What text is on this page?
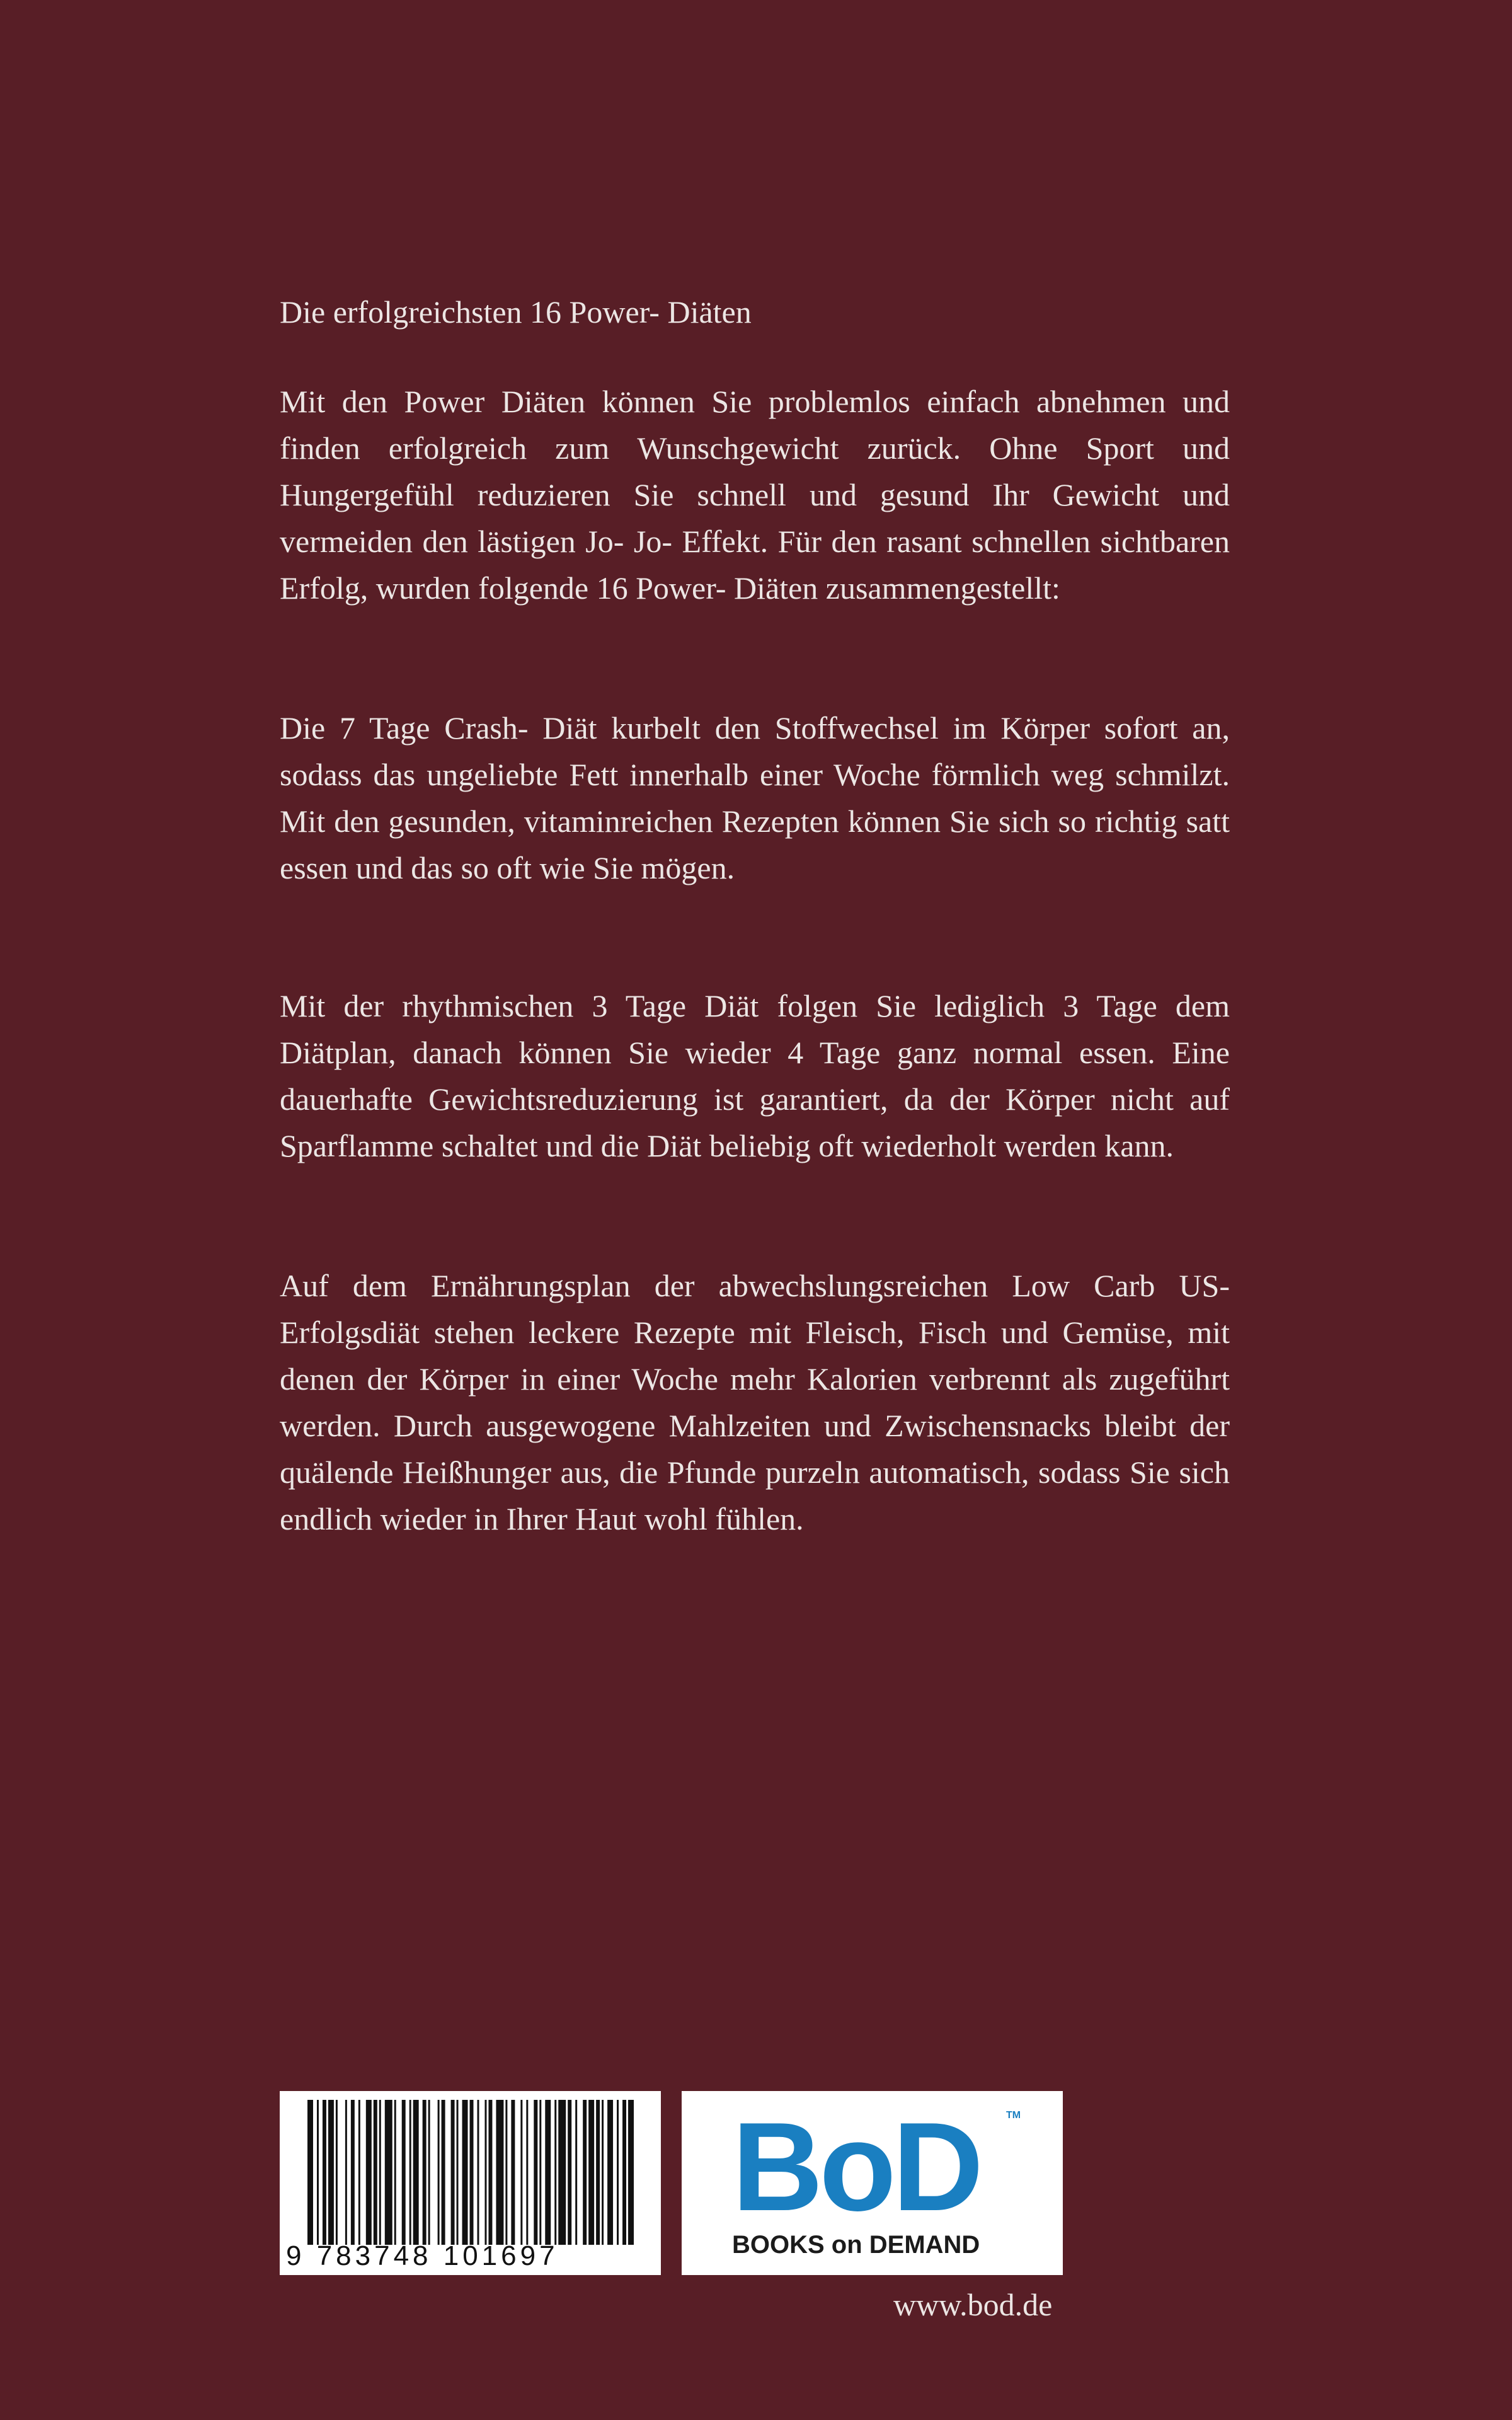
Die erfolgreichsten 16 Power- Diäten

Mit den Power Diäten können Sie problemlos einfach abnehmen und finden erfolgreich zum Wunschgewicht zurück. Ohne Sport und Hungergefühl reduzieren Sie schnell und gesund Ihr Gewicht und vermeiden den lästigen Jo- Jo- Effekt. Für den rasant schnellen sichtbaren Erfolg, wurden folgende 16 Power- Diäten zusammengestellt:

Die 7 Tage Crash- Diät kurbelt den Stoffwechsel im Körper sofort an, sodass das ungeliebte Fett innerhalb einer Woche förmlich weg schmilzt. Mit den gesunden, vitaminreichen Rezepten können Sie sich so richtig satt essen und das so oft wie Sie mögen.

Mit der rhythmischen 3 Tage Diät folgen Sie lediglich 3 Tage dem Diätplan, danach können Sie wieder 4 Tage ganz normal essen. Eine dauerhafte Gewichtsreduzierung ist garantiert, da der Körper nicht auf Sparflamme schaltet und die Diät beliebig oft wiederholt werden kann.

Auf dem Ernährungsplan der abwechslungsreichen Low Carb US- Erfolgsdiät stehen leckere Rezepte mit Fleisch, Fisch und Gemüse, mit denen der Körper in einer Woche mehr Kalorien verbrennt als zugeführt werden. Durch ausgewogene Mahlzeiten und Zwischensnacks bleibt der quälende Heißhunger aus, die Pfunde purzeln automatisch, sodass Sie sich endlich wieder in Ihrer Haut wohl fühlen.

9 783748 101697
BoD	TM
BOOKS on DEMAND
www.bod.de
